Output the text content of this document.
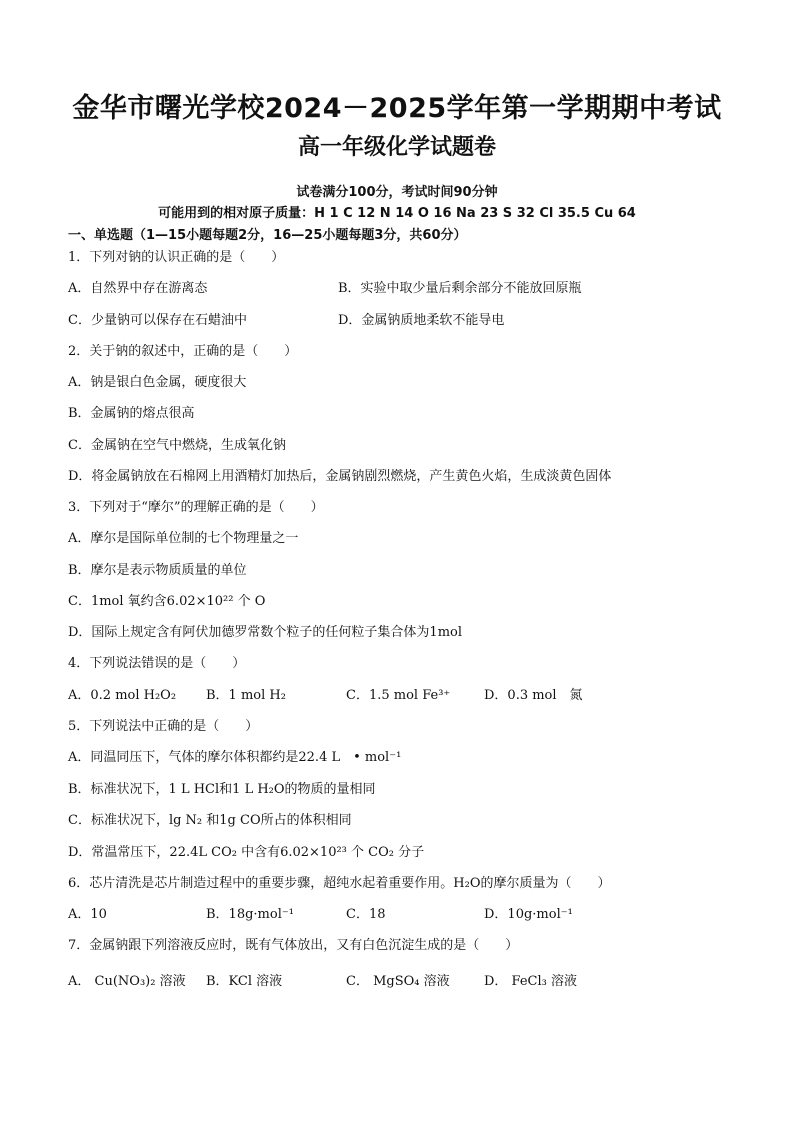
金华市曙光学校2024－2025学年第一学期期中考试
高一年级化学试题卷
试卷满分100分，考试时间90分钟
可能用到的相对原子质量：H 1 C 12 N 14 O 16 Na 23 S 32 Cl 35.5 Cu 64
一、单选题（1—15小题每题2分，16—25小题每题3分，共60分）
1．下列对钠的认识正确的是（　　）
A．自然界中存在游离态	B．实验中取少量后剩余部分不能放回原瓶
C．少量钠可以保存在石蜡油中	D．金属钠质地柔软不能导电
2．关于钠的叙述中，正确的是（　　）
A．钠是银白色金属，硬度很大
B．金属钠的熔点很高
C．金属钠在空气中燃烧，生成氧化钠
D．将金属钠放在石棉网上用酒精灯加热后，金属钠剧烈燃烧，产生黄色火焰，生成淡黄色固体
3．下列对于“摩尔”的理解正确的是（　　）
A．摩尔是国际单位制的七个物理量之一
B．摩尔是表示物质质量的单位
C．1mol 氧约含6.02×10²² 个 O
D．国际上规定含有阿伏加德罗常数个粒子的任何粒子集合体为1mol
4．下列说法错误的是（　　）
A．0.2 mol H₂O₂ B．1 mol H₂	C．1.5 mol Fe³⁺	D．0.3 mol　氮
5．下列说法中正确的是（　　）
A．同温同压下，气体的摩尔体积都约是22.4 L　• mol⁻¹
B．标准状况下，1 L HCl和1 L H₂O的物质的量相同
C．标准状况下，lg N₂ 和1g CO所占的体积相同
D．常温常压下，22.4L CO₂ 中含有6.02×10²³ 个 CO₂ 分子
6．芯片清洗是芯片制造过程中的重要步骤，超纯水起着重要作用。H₂O的摩尔质量为（　　）
A．10	B．18g·mol⁻¹	C．18	D．10g·mol⁻¹
7．金属钠跟下列溶液反应时，既有气体放出，又有白色沉淀生成的是（　　）
A． Cu(NO₃)₂ 溶液 B．KCl 溶液	C． MgSO₄ 溶液	D． FeCl₃ 溶液
